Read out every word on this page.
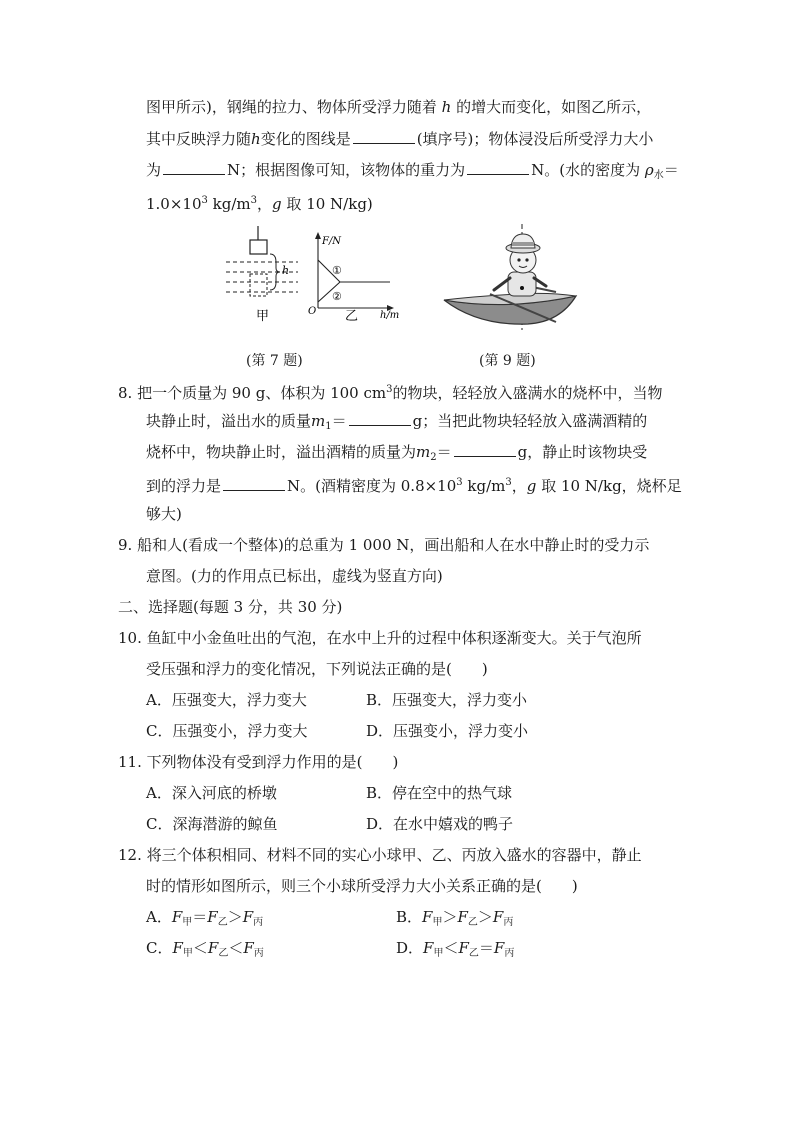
图甲所示)，钢绳的拉力、物体所受浮力随着 h 的增大而变化，如图乙所示，
其中反映浮力随h变化的图线是	(填序号)；物体浸没后所受浮力大小
为	N；根据图像可知，该物体的重力为	N。(水的密度为 $\rho_水=$
$1.0\times 10^3$ $kg/m^3$，g 取 10 N/kg)
h
甲
F/N
①
②
O	h/m
乙
(第 7 题)	(第 9 题)
8. 把一个质量为 90 g、体积为 100 $cm^3$的物块，轻轻放入盛满水的烧杯中，当物
块静止时，溢出水的质量$m_1=$	g；当把此物块轻轻放入盛满酒精的
烧杯中，物块静止时，溢出酒精的质量为$m_2=$	g，静止时该物块受
到的浮力是	N。(酒精密度为 $0.8\times 10^3$ $kg/m^3$，g 取 10 N/kg，烧杯足
够大)
9. 船和人(看成一个整体)的总重为 1 000 N，画出船和人在水中静止时的受力示
意图。(力的作用点已标出，虚线为竖直方向)
二、选择题(每题 3 分，共 30 分)
10. 鱼缸中小金鱼吐出的气泡，在水中上升的过程中体积逐渐变大。关于气泡所
受压强和浮力的变化情况，下列说法正确的是(　　)
A．压强变大，浮力变大	B．压强变大，浮力变小
C．压强变小，浮力变大	D．压强变小，浮力变小
11. 下列物体没有受到浮力作用的是(　　)
A．深入河底的桥墩	B．停在空中的热气球
C．深海潜游的鲸鱼	D．在水中嬉戏的鸭子
12. 将三个体积相同、材料不同的实心小球甲、乙、丙放入盛水的容器中，静止
时的情形如图所示，则三个小球所受浮力大小关系正确的是(　　)
A．$F_甲=F_乙>F_丙$	B．$F_甲>F_乙>F_丙$
C．$F_甲<F_乙<F_丙$	D．$F_甲<F_乙=F_丙$
